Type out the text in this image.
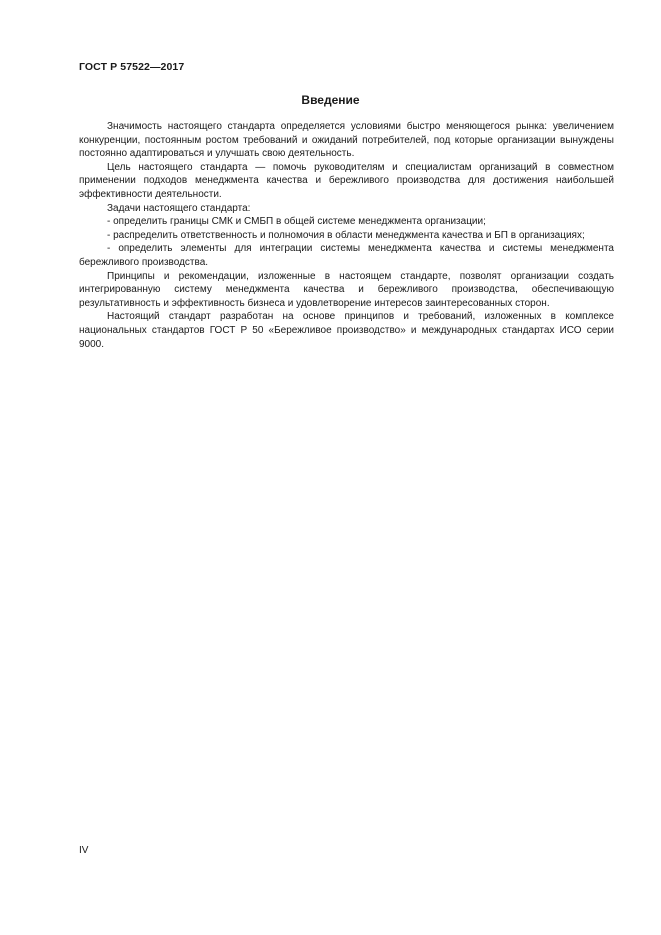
ГОСТ Р 57522—2017
Введение

Значимость настоящего стандарта определяется условиями быстро меняющегося рынка: увеличением конкуренции, постоянным ростом требований и ожиданий потребителей, под которые организации вынуждены постоянно адаптироваться и улучшать свою деятельность.

Цель настоящего стандарта — помочь руководителям и специалистам организаций в совместном применении подходов менеджмента качества и бережливого производства для достижения наибольшей эффективности деятельности.

Задачи настоящего стандарта:

- определить границы СМК и СМБП в общей системе менеджмента организации;

- распределить ответственность и полномочия в области менеджмента качества и БП в организациях;

- определить элементы для интеграции системы менеджмента качества и системы менеджмента бережливого производства.

Принципы и рекомендации, изложенные в настоящем стандарте, позволят организации создать интегрированную систему менеджмента качества и бережливого производства, обеспечивающую результативность и эффективность бизнеса и удовлетворение интересов заинтересованных сторон.

Настоящий стандарт разработан на основе принципов и требований, изложенных в комплексе национальных стандартов ГОСТ Р 50 «Бережливое производство» и международных стандартах ИСО серии 9000.

IV
